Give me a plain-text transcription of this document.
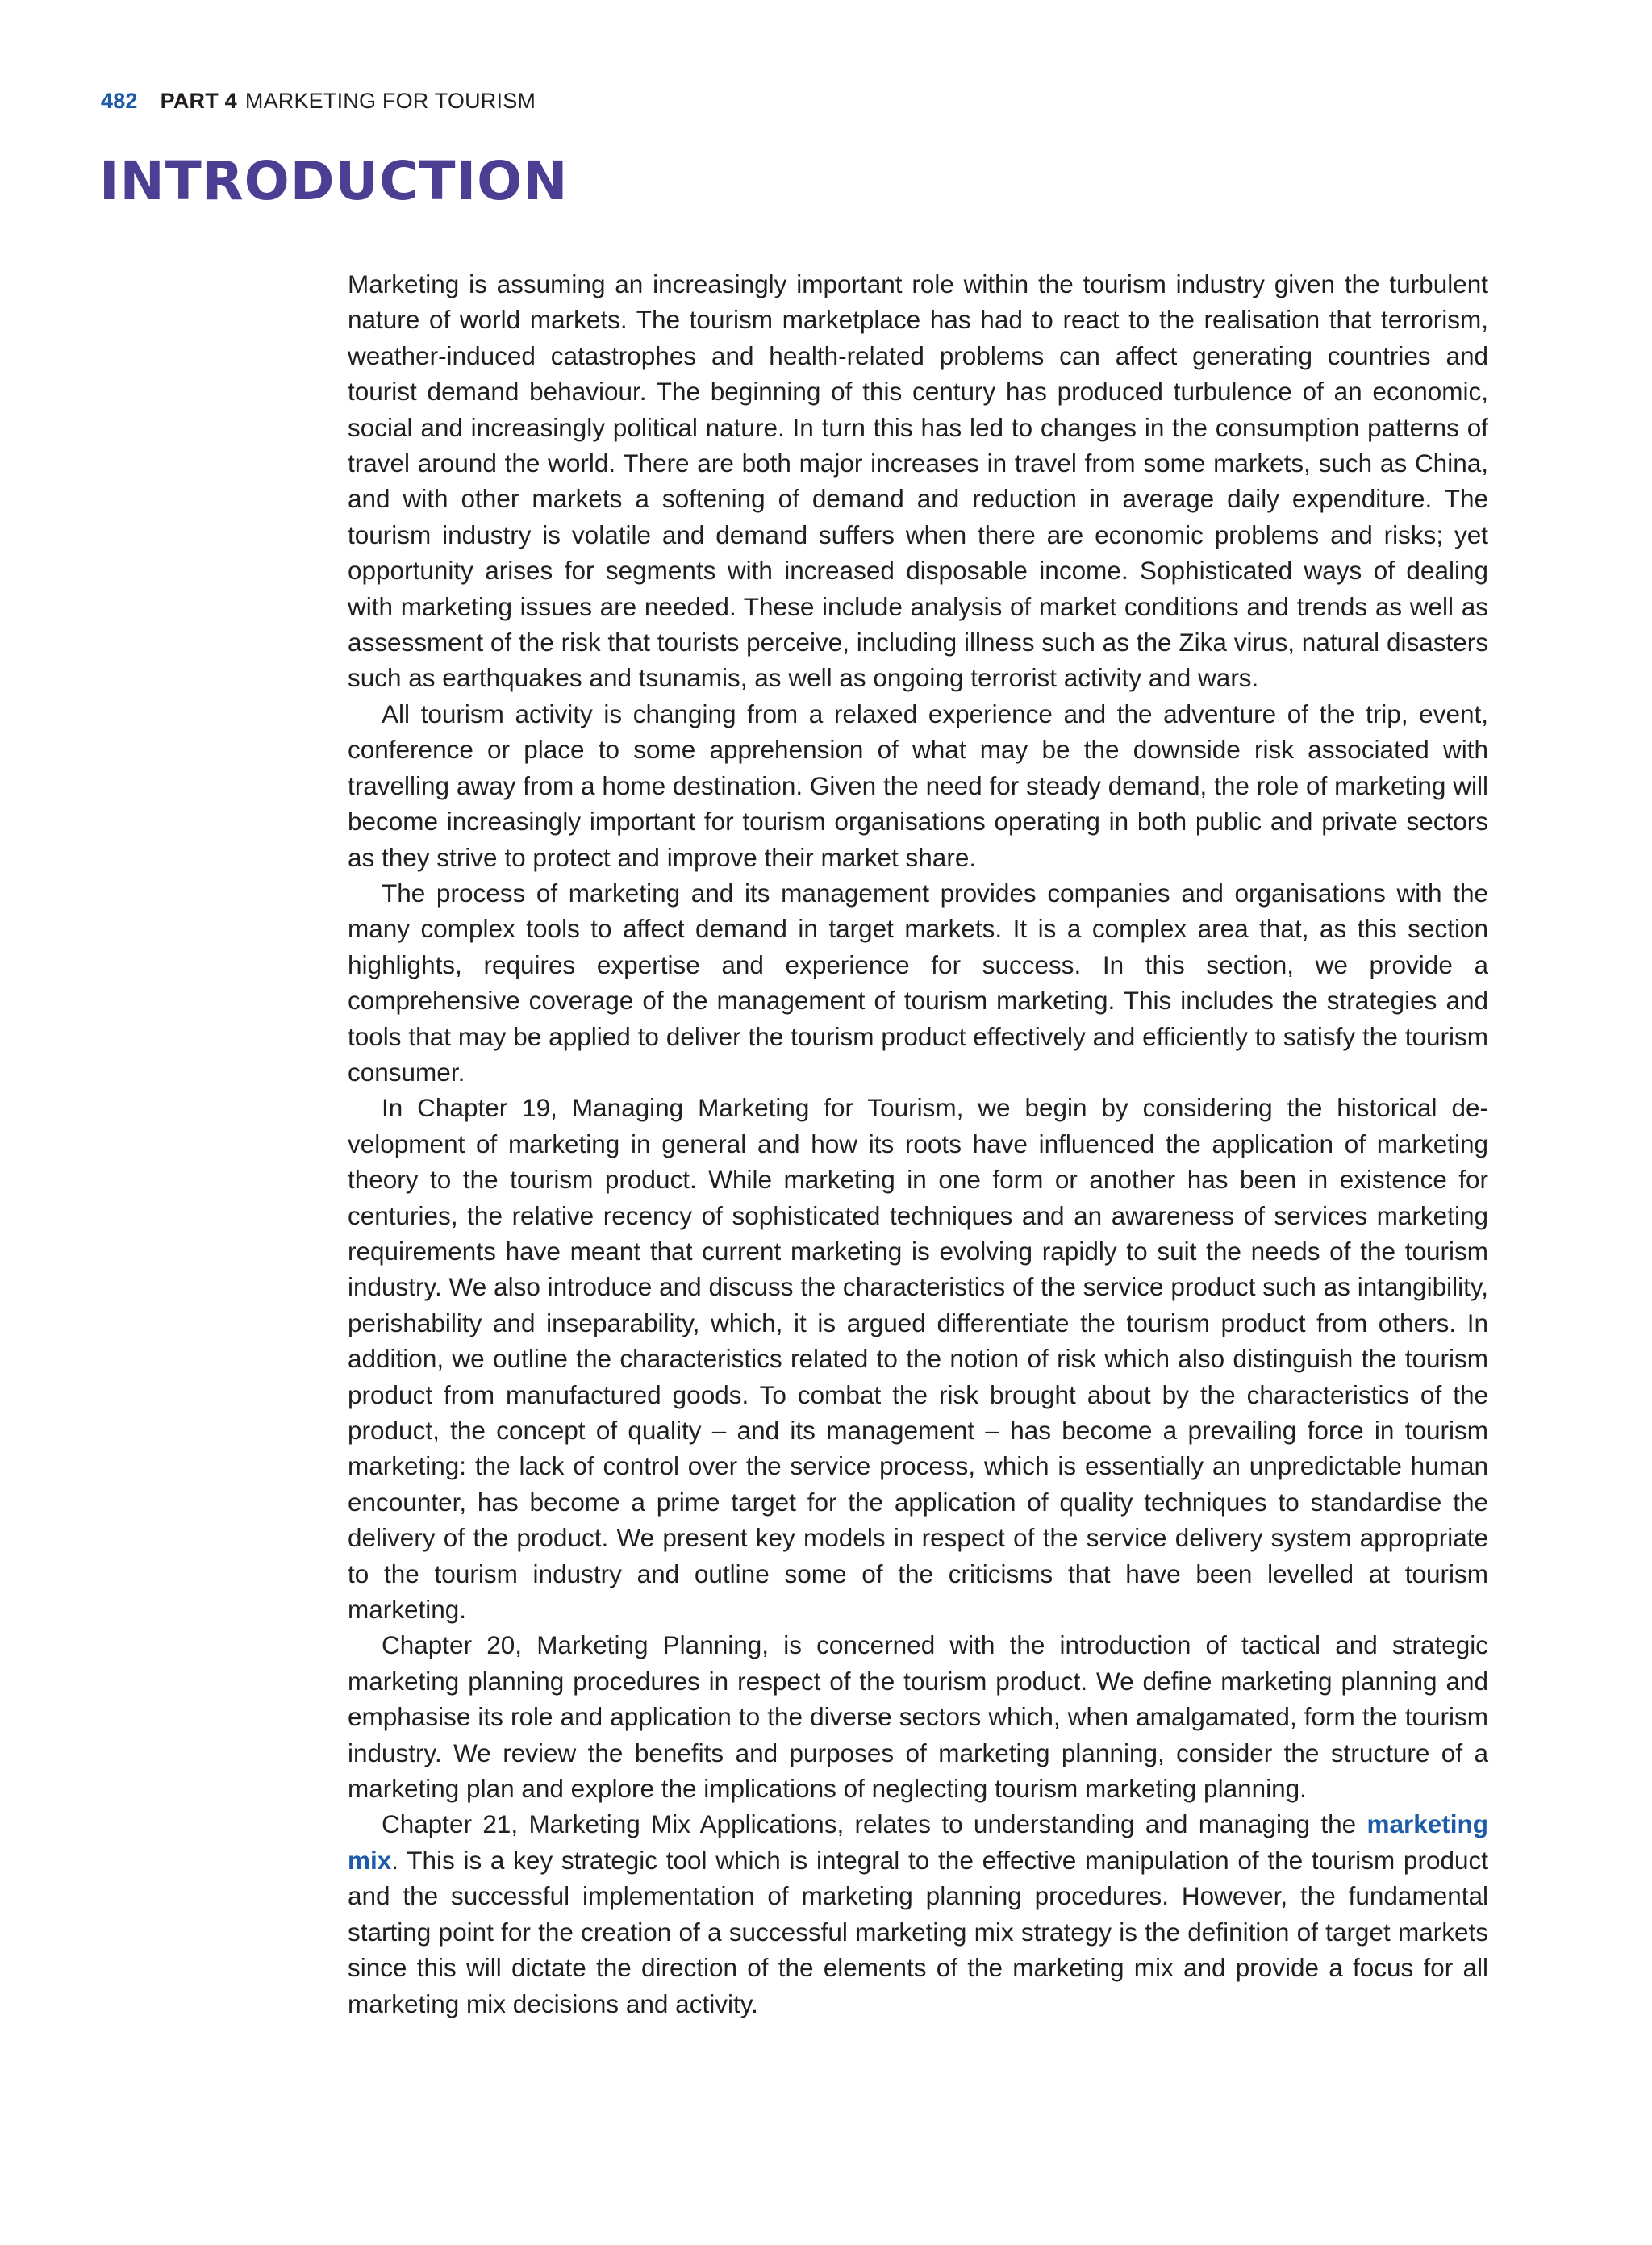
482 PART 4 MARKETING FOR TOURISM
INTRODUCTION

Marketing is assuming an increasingly important role within the tourism industry given the turbulent nature of world markets. The tourism marketplace has had to react to the realisation that terrorism, weather-induced catastrophes and health-related problems can affect generating countries and tourist demand behaviour. The beginning of this century has produced turbulence of an economic, social and increasingly political nature. In turn this has led to changes in the consumption patterns of travel around the world. There are both major increases in travel from some markets, such as China, and with other markets a softening of demand and reduction in average daily expenditure. The tourism industry is volatile and demand suffers when there are economic problems and risks; yet opportunity arises for segments with increased disposable income. Sophisticated ways of dealing with marketing issues are needed. These include analysis of market conditions and trends as well as assessment of the risk that tourists perceive, including illness such as the Zika virus, natural disasters such as earthquakes and tsunamis, as well as ongoing terrorist activity and wars.

All tourism activity is changing from a relaxed experience and the adventure of the trip, event, conference or place to some apprehension of what may be the downside risk associated with travelling away from a home destination. Given the need for steady demand, the role of marketing will become increasingly important for tourism organisations operating in both public and private sectors as they strive to protect and improve their market share.

The process of marketing and its management provides companies and organisations with the many complex tools to affect demand in target markets. It is a complex area that, as this section highlights, requires expertise and experience for success. In this section, we provide a comprehensive coverage of the management of tourism marketing. This includes the strategies and tools that may be applied to deliver the tourism product effectively and efficiently to satisfy the tourism consumer.

In Chapter 19, Managing Marketing for Tourism, we begin by considering the historical development of marketing in general and how its roots have influenced the application of marketing theory to the tourism product. While marketing in one form or another has been in existence for centuries, the relative recency of sophisticated techniques and an awareness of services marketing requirements have meant that current marketing is evolving rapidly to suit the needs of the tourism industry. We also introduce and discuss the characteristics of the service product such as intangibility, perishability and inseparability, which, it is argued differentiate the tourism product from others. In addition, we outline the characteristics related to the notion of risk which also distinguish the tourism product from manufactured goods. To combat the risk brought about by the characteristics of the product, the concept of quality – and its management – has become a prevailing force in tourism marketing: the lack of control over the service process, which is essentially an unpredictable human encounter, has become a prime target for the application of quality techniques to standardise the delivery of the product. We present key models in respect of the service delivery system appropriate to the tourism industry and outline some of the criticisms that have been levelled at tourism marketing.

Chapter 20, Marketing Planning, is concerned with the introduction of tactical and strategic marketing planning procedures in respect of the tourism product. We define marketing planning and emphasise its role and application to the diverse sectors which, when amalgamated, form the tourism industry. We review the benefits and purposes of marketing planning, consider the structure of a marketing plan and explore the implications of neglecting tourism marketing planning.

Chapter 21, Marketing Mix Applications, relates to understanding and managing the marketing mix. This is a key strategic tool which is integral to the effective manipulation of the tourism product and the successful implementation of marketing planning procedures. However, the fundamental starting point for the creation of a successful marketing mix strategy is the definition of target markets since this will dictate the direction of the elements of the marketing mix and provide a focus for all marketing mix decisions and activity.
